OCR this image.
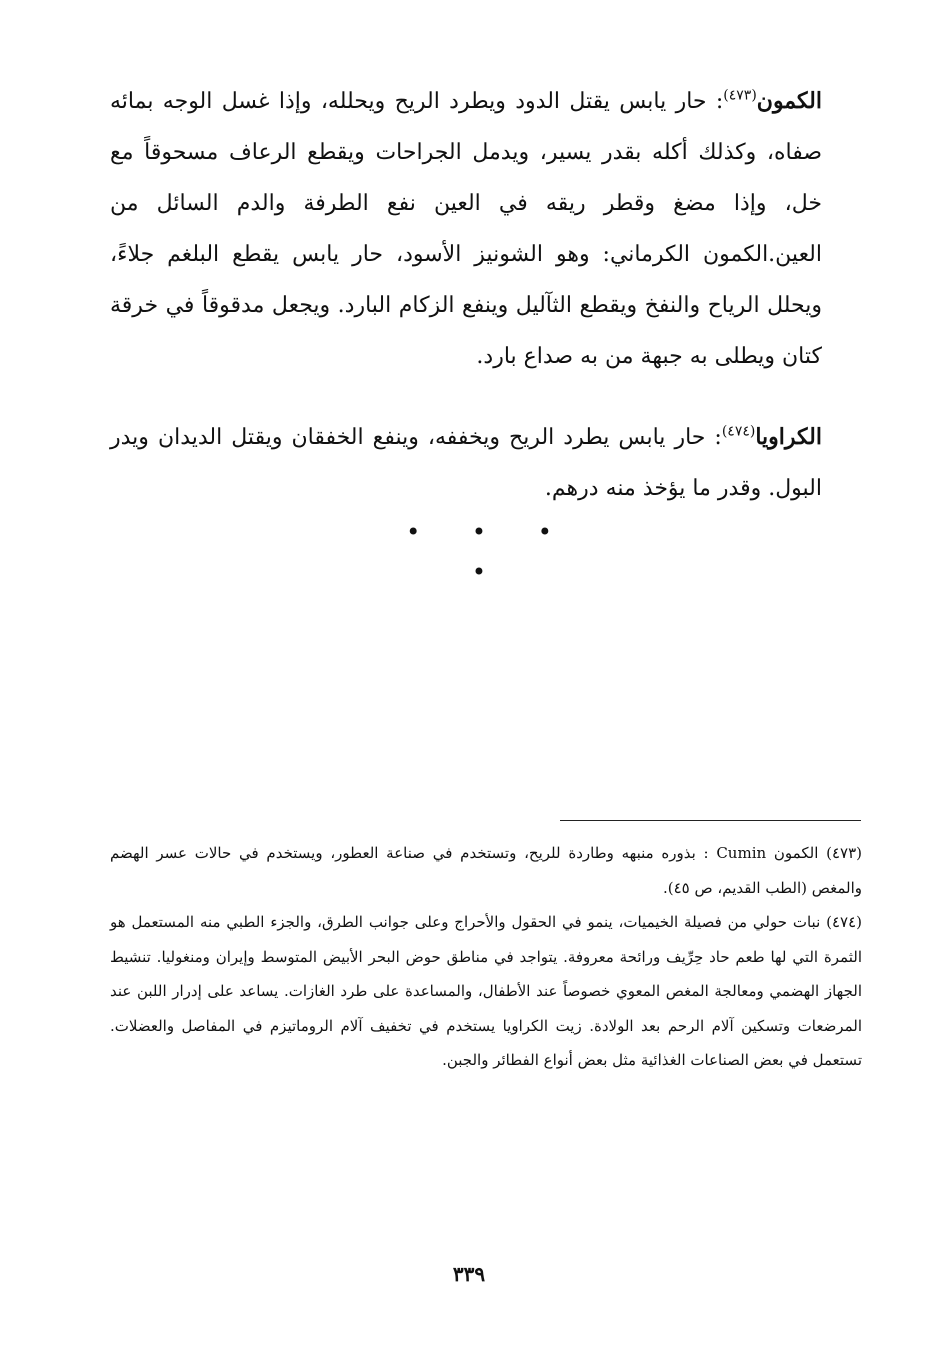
الكمون$^{(٤٧٣)}$: حار يابس يقتل الدود ويطرد الريح ويحلله، وإذا غسل الوجه بمائه صفاه، وكذلك أكله بقدر يسير، ويدمل الجراحات ويقطع الرعاف مسحوقاً مع خل، وإذا مضغ وقطر ريقه في العين نفع الطرفة والدم السائل من العين.الكمون الكرماني: وهو الشونيز الأسود، حار يابس يقطع البلغم جلاءً، ويحلل الرياح والنفخ ويقطع الثآليل وينفع الزكام البارد. ويجعل مدقوقاً في خرقة كتان ويطلى به جبهة من به صداع بارد.
الكراويا$^{(٤٧٤)}$: حار يابس يطرد الريح ويخففه، وينفع الخفقان ويقتل الديدان ويدر البول. وقدر ما يؤخذ منه درهم.
• • • •

(٤٧٣) الكمون Cumin : بذوره منبهه وطاردة للريح، وتستخدم في صناعة العطور، ويستخدم في حالات عسر الهضم والمغص (الطب القديم، ص ٤٥).

(٤٧٤) نبات حولي من فصيلة الخيميات، ينمو في الحقول والأحراج وعلى جوانب الطرق، والجزء الطبي منه المستعمل هو الثمرة التي لها طعم حاد حِرِّيف ورائحة معروفة. يتواجد في مناطق حوض البحر الأبيض المتوسط وإيران ومنغوليا. تنشيط الجهاز الهضمي ومعالجة المغص المعوي خصوصاً عند الأطفال، والمساعدة على طرد الغازات. يساعد على إدرار اللبن عند المرضعات وتسكين آلام الرحم بعد الولادة. زيت الكراويا يستخدم في تخفيف آلام الروماتيزم في المفاصل والعضلات. تستعمل في بعض الصناعات الغذائية مثل بعض أنواع الفطائر والجبن.

٣٣٩
